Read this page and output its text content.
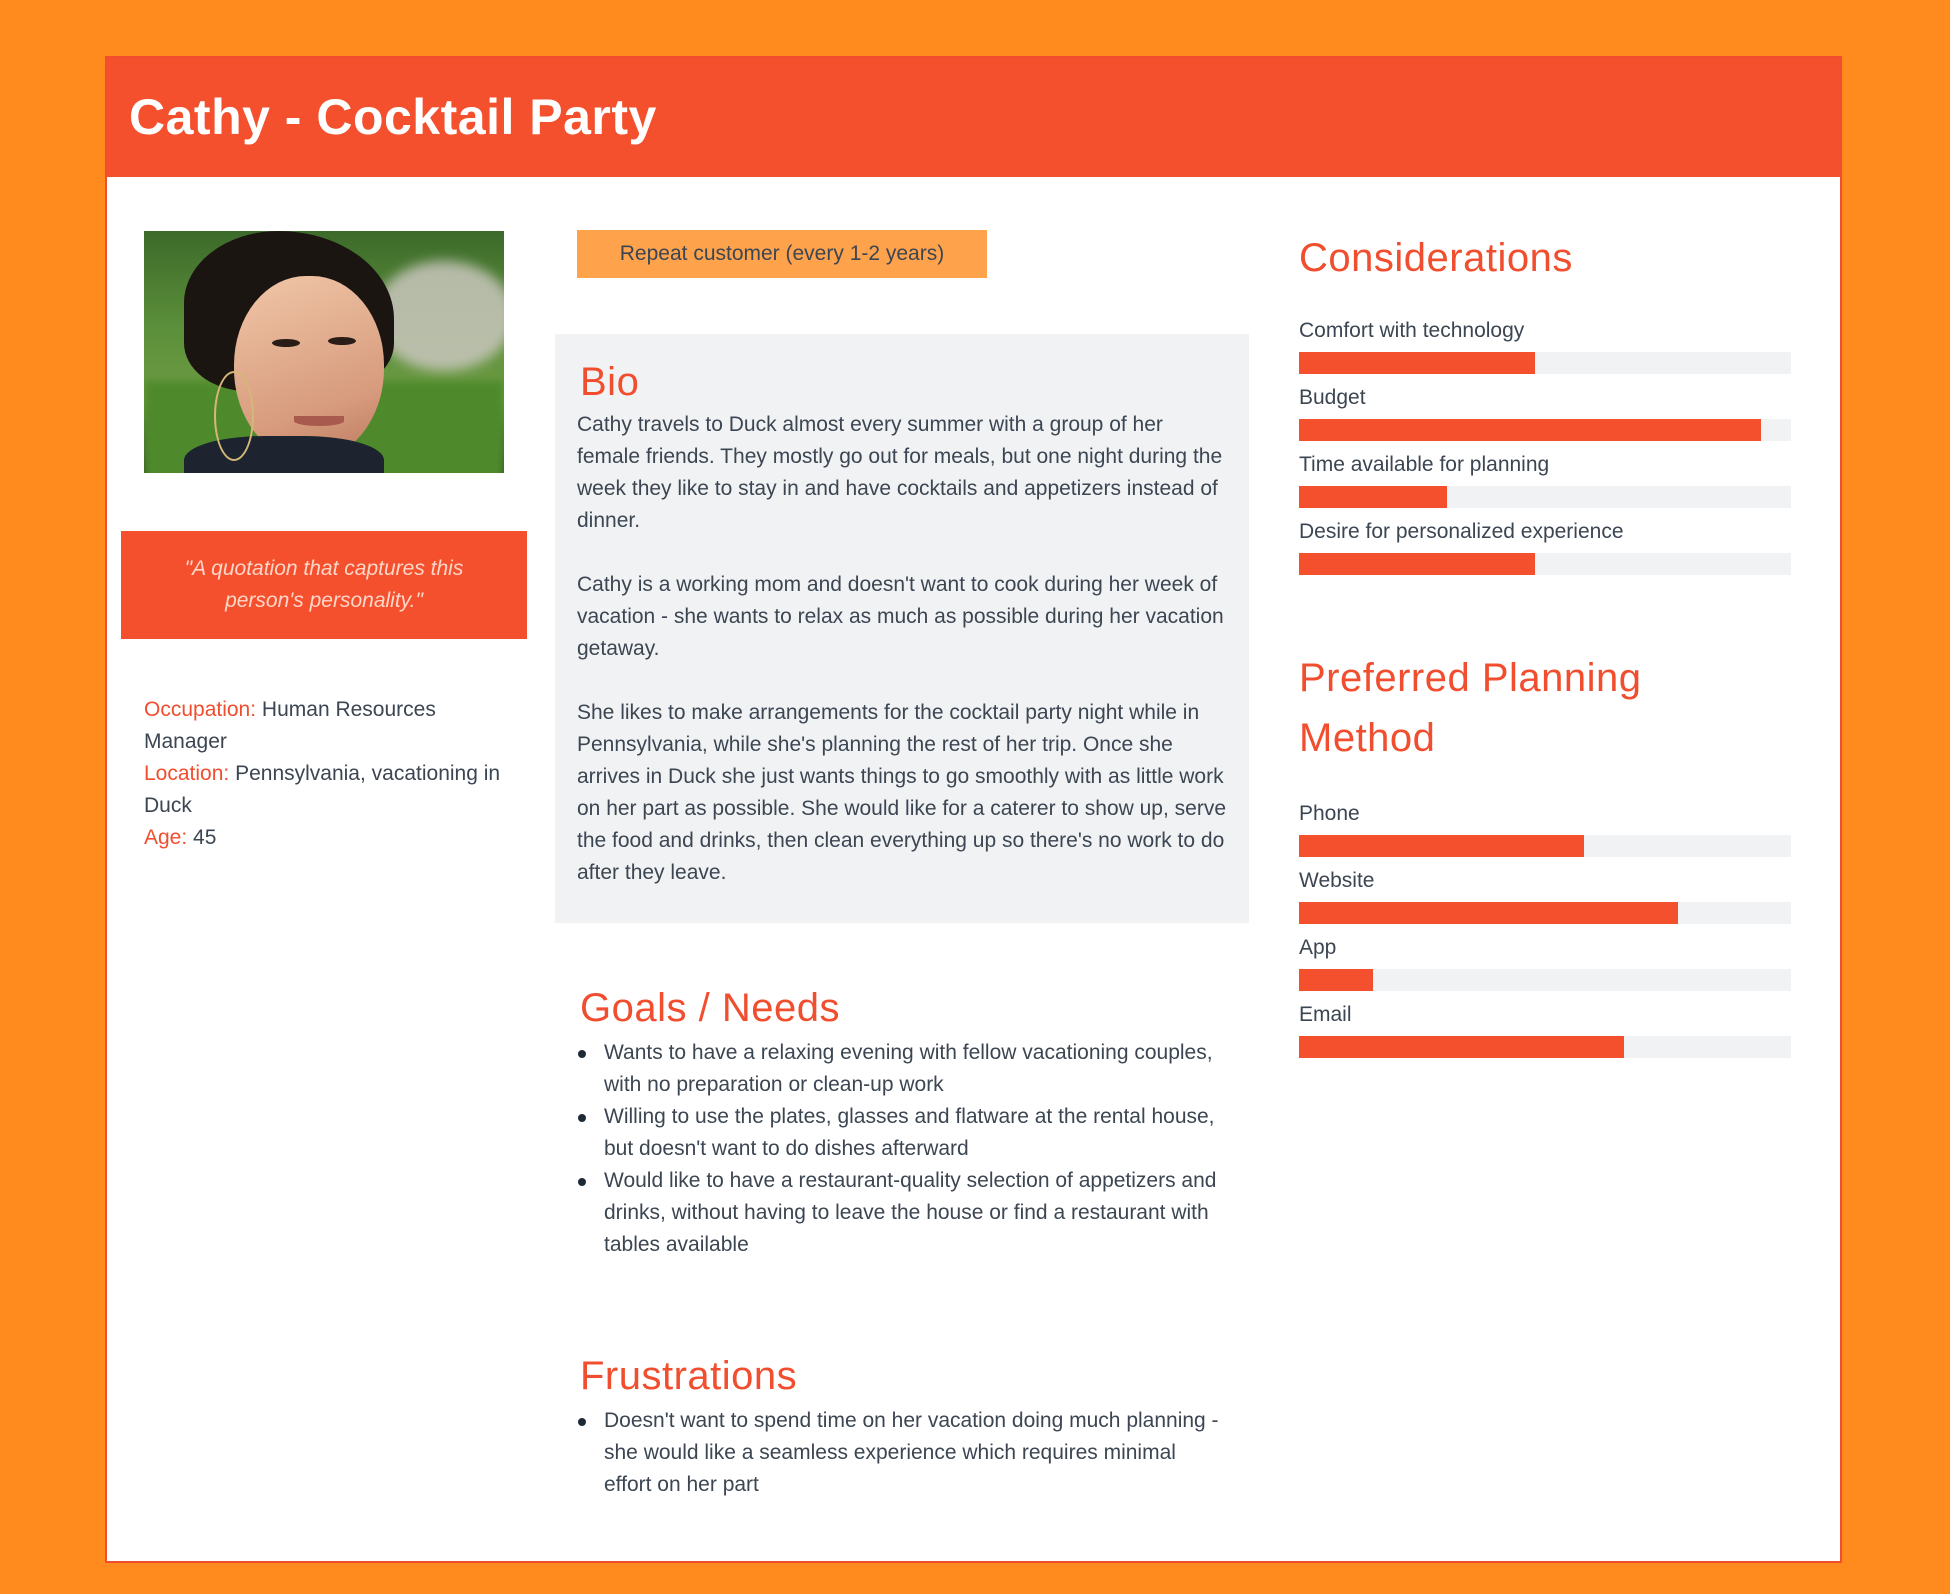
Cathy - Cocktail Party
"A quotation that captures this person's personality."
Occupation: Human Resources Manager
Location: Pennsylvania, vacationing in Duck
Age: 45
Repeat customer (every 1-2 years)
Bio

Cathy travels to Duck almost every summer with a group of her female friends. They mostly go out for meals, but one night during the week they like to stay in and have cocktails and appetizers instead of dinner.

Cathy is a working mom and doesn't want to cook during her week of vacation - she wants to relax as much as possible during her vacation getaway.

She likes to make arrangements for the cocktail party night while in Pennsylvania, while she's planning the rest of her trip. Once she arrives in Duck she just wants things to go smoothly with as little work on her part as possible. She would like for a caterer to show up, serve the food and drinks, then clean everything up so there's no work to do after they leave.

Goals / Needs
Wants to have a relaxing evening with fellow vacationing couples, with no preparation or clean-up work
Willing to use the plates, glasses and flatware at the rental house, but doesn't want to do dishes afterward
Would like to have a restaurant-quality selection of appetizers and drinks, without having to leave the house or find a restaurant with tables available
Frustrations
Doesn't want to spend time on her vacation doing much planning - she would like a seamless experience which requires minimal effort on her part
Considerations
Comfort with technology
Budget
Time available for planning
Desire for personalized experience
Preferred Planning Method
Phone
Website
App
Email
